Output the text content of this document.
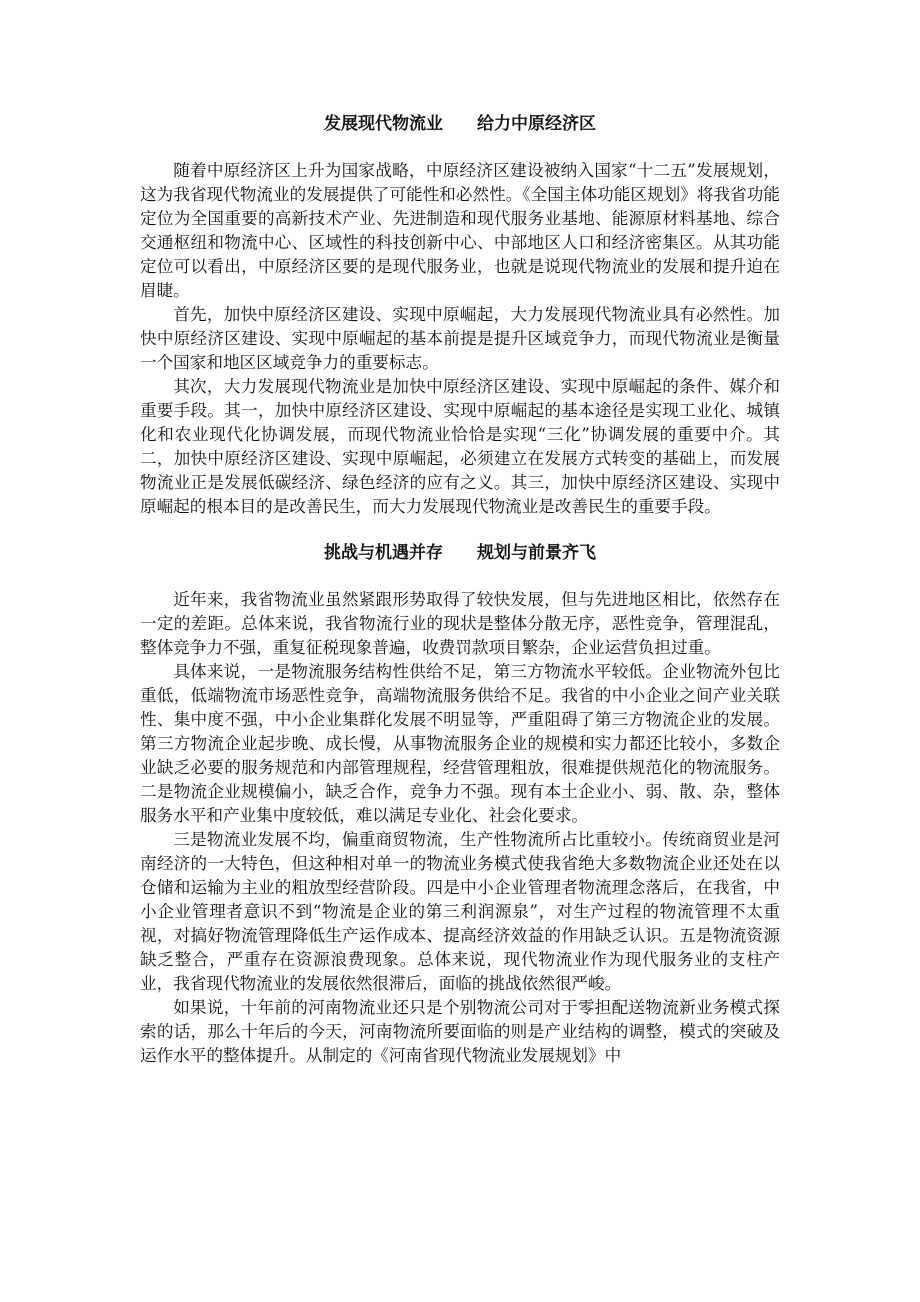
发展现代物流业　　给力中原经济区

随着中原经济区上升为国家战略，中原经济区建设被纳入国家“十二五”发展规划，这为我省现代物流业的发展提供了可能性和必然性。《全国主体功能区规划》将我省功能定位为全国重要的高新技术产业、先进制造和现代服务业基地、能源原材料基地、综合交通枢纽和物流中心、区域性的科技创新中心、中部地区人口和经济密集区。从其功能定位可以看出，中原经济区要的是现代服务业，也就是说现代物流业的发展和提升迫在眉睫。

首先，加快中原经济区建设、实现中原崛起，大力发展现代物流业具有必然性。加快中原经济区建设、实现中原崛起的基本前提是提升区域竞争力，而现代物流业是衡量一个国家和地区区域竞争力的重要标志。

其次，大力发展现代物流业是加快中原经济区建设、实现中原崛起的条件、媒介和重要手段。其一，加快中原经济区建设、实现中原崛起的基本途径是实现工业化、城镇化和农业现代化协调发展，而现代物流业恰恰是实现“三化”协调发展的重要中介。其二，加快中原经济区建设、实现中原崛起，必须建立在发展方式转变的基础上，而发展物流业正是发展低碳经济、绿色经济的应有之义。其三，加快中原经济区建设、实现中原崛起的根本目的是改善民生，而大力发展现代物流业是改善民生的重要手段。

挑战与机遇并存　　规划与前景齐飞

近年来，我省物流业虽然紧跟形势取得了较快发展，但与先进地区相比，依然存在一定的差距。总体来说，我省物流行业的现状是整体分散无序，恶性竞争，管理混乱，整体竞争力不强，重复征税现象普遍，收费罚款项目繁杂，企业运营负担过重。

具体来说，一是物流服务结构性供给不足，第三方物流水平较低。企业物流外包比重低，低端物流市场恶性竞争，高端物流服务供给不足。我省的中小企业之间产业关联性、集中度不强，中小企业集群化发展不明显等，严重阻碍了第三方物流企业的发展。第三方物流企业起步晚、成长慢，从事物流服务企业的规模和实力都还比较小，多数企业缺乏必要的服务规范和内部管理规程，经营管理粗放，很难提供规范化的物流服务。二是物流企业规模偏小，缺乏合作，竞争力不强。现有本土企业小、弱、散、杂，整体服务水平和产业集中度较低，难以满足专业化、社会化要求。

三是物流业发展不均，偏重商贸物流，生产性物流所占比重较小。传统商贸业是河南经济的一大特色，但这种相对单一的物流业务模式使我省绝大多数物流企业还处在以仓储和运输为主业的粗放型经营阶段。四是中小企业管理者物流理念落后，在我省，中小企业管理者意识不到“物流是企业的第三利润源泉”，对生产过程的物流管理不太重视，对搞好物流管理降低生产运作成本、提高经济效益的作用缺乏认识。五是物流资源缺乏整合，严重存在资源浪费现象。总体来说，现代物流业作为现代服务业的支柱产业，我省现代物流业的发展依然很滞后，面临的挑战依然很严峻。

如果说，十年前的河南物流业还只是个别物流公司对于零担配送物流新业务模式探索的话，那么十年后的今天，河南物流所要面临的则是产业结构的调整，模式的突破及运作水平的整体提升。从制定的《河南省现代物流业发展规划》中
